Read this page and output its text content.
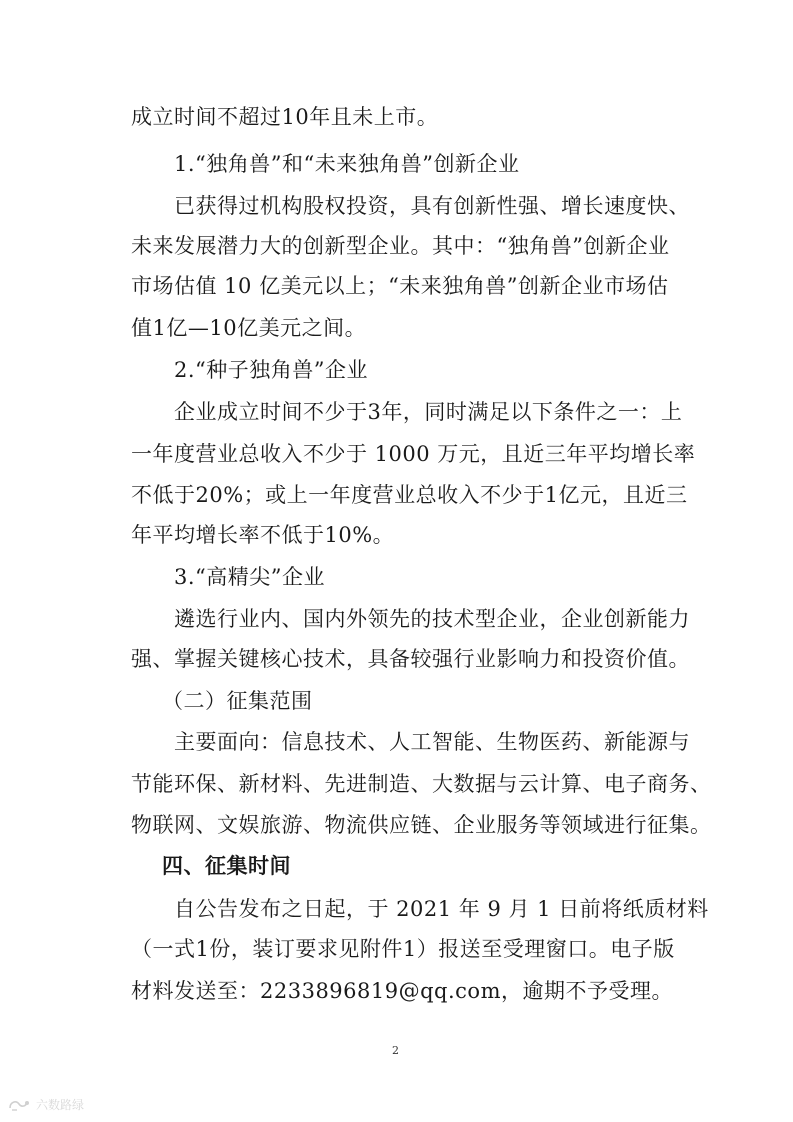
成立时间不超过10年且未上市。
1.“独角兽”和“未来独角兽”创新企业
已获得过机构股权投资，具有创新性强、增长速度快、
未来发展潜力大的创新型企业。其中：“独角兽”创新企业
市场估值 10 亿美元以上；“未来独角兽”创新企业市场估
值1亿—10亿美元之间。
2.“种子独角兽”企业
企业成立时间不少于3年，同时满足以下条件之一：上
一年度营业总收入不少于 1000 万元，且近三年平均增长率
不低于20%；或上一年度营业总收入不少于1亿元，且近三
年平均增长率不低于10%。
3.“高精尖”企业
遴选行业内、国内外领先的技术型企业，企业创新能力
强、掌握关键核心技术，具备较强行业影响力和投资价值。
（二）征集范围
主要面向：信息技术、人工智能、生物医药、新能源与
节能环保、新材料、先进制造、大数据与云计算、电子商务、
物联网、文娱旅游、物流供应链、企业服务等领域进行征集。
四、征集时间
自公告发布之日起，于 2021 年 9 月 1 日前将纸质材料
（一式1份，装订要求见附件1）报送至受理窗口。电子版
材料发送至：2233896819@qq.com，逾期不予受理。
2
六数路绿
